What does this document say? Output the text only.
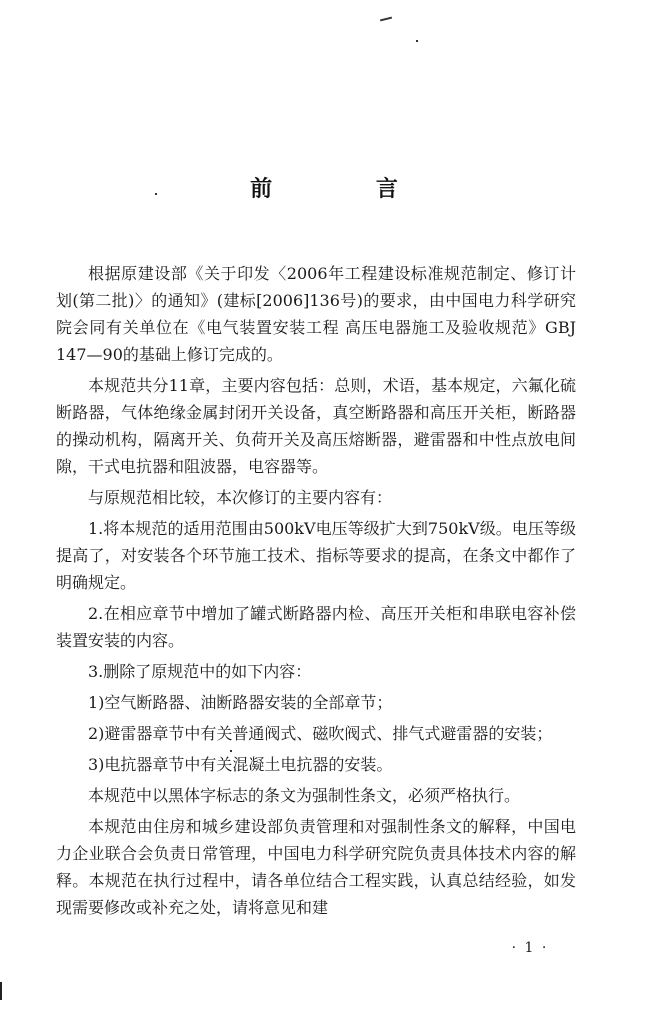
前 言

根据原建设部《关于印发〈2006年工程建设标准规范制定、修订计划(第二批)〉的通知》(建标[2006]136号)的要求，由中国电力科学研究院会同有关单位在《电气装置安装工程 高压电器施工及验收规范》GBJ 147—90的基础上修订完成的。

本规范共分11章，主要内容包括：总则，术语，基本规定，六氟化硫断路器，气体绝缘金属封闭开关设备，真空断路器和高压开关柜，断路器的操动机构，隔离开关、负荷开关及高压熔断器，避雷器和中性点放电间隙，干式电抗器和阻波器，电容器等。

与原规范相比较，本次修订的主要内容有：

1.将本规范的适用范围由500kV电压等级扩大到750kV级。电压等级提高了，对安装各个环节施工技术、指标等要求的提高，在条文中都作了明确规定。

2.在相应章节中增加了罐式断路器内检、高压开关柜和串联电容补偿装置安装的内容。

3.删除了原规范中的如下内容：

1)空气断路器、油断路器安装的全部章节；

2)避雷器章节中有关普通阀式、磁吹阀式、排气式避雷器的安装；

3)电抗器章节中有关混凝土电抗器的安装。

本规范中以黑体字标志的条文为强制性条文，必须严格执行。

本规范由住房和城乡建设部负责管理和对强制性条文的解释，中国电力企业联合会负责日常管理，中国电力科学研究院负责具体技术内容的解释。本规范在执行过程中，请各单位结合工程实践，认真总结经验，如发现需要修改或补充之处，请将意见和建

· 1 ·
